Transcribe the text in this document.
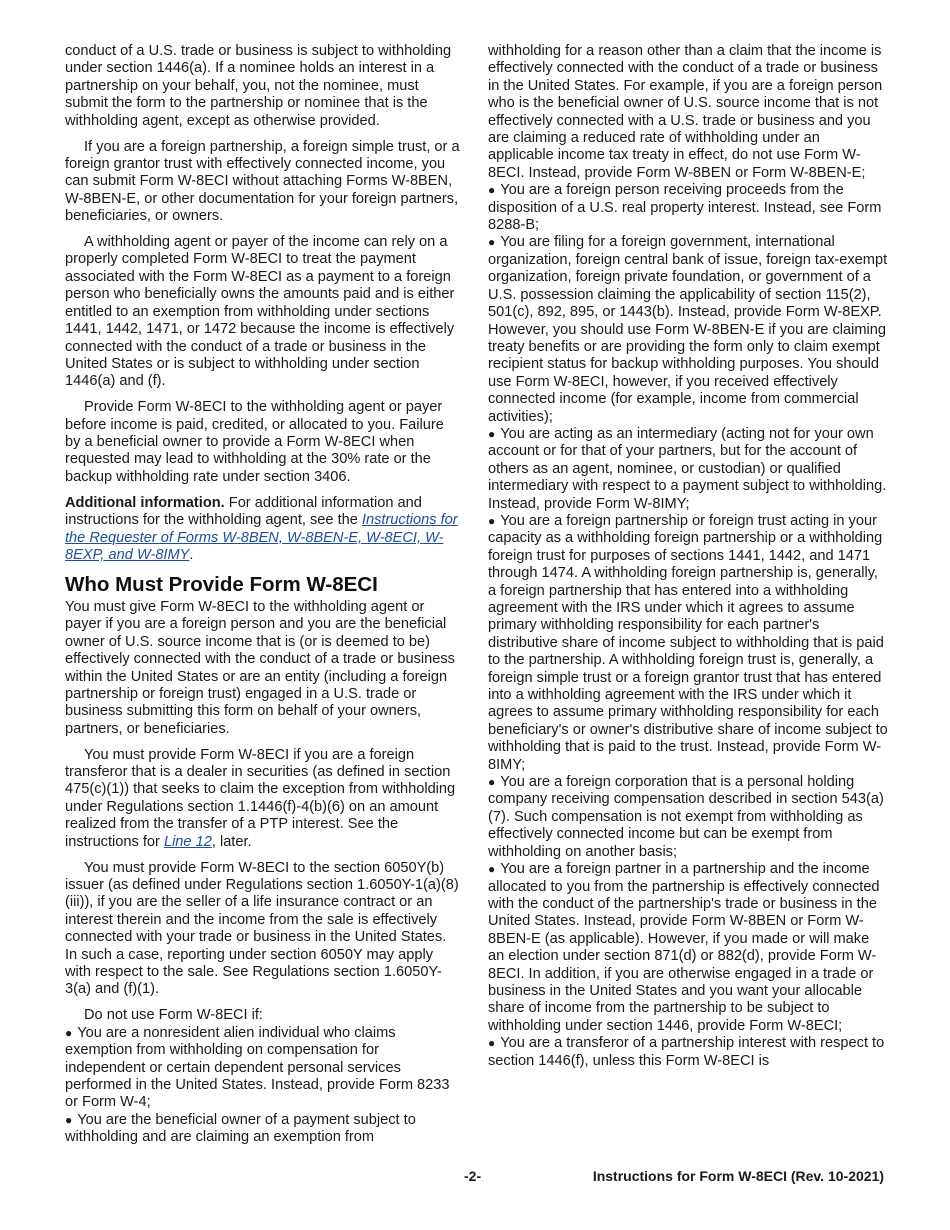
conduct of a U.S. trade or business is subject to withholding under section 1446(a). If a nominee holds an interest in a partnership on your behalf, you, not the nominee, must submit the form to the partnership or nominee that is the withholding agent, except as otherwise provided.

If you are a foreign partnership, a foreign simple trust, or a foreign grantor trust with effectively connected income, you can submit Form W-8ECI without attaching Forms W-8BEN, W-8BEN-E, or other documentation for your foreign partners, beneficiaries, or owners.

A withholding agent or payer of the income can rely on a properly completed Form W-8ECI to treat the payment associated with the Form W-8ECI as a payment to a foreign person who beneficially owns the amounts paid and is either entitled to an exemption from withholding under sections 1441, 1442, 1471, or 1472 because the income is effectively connected with the conduct of a trade or business in the United States or is subject to withholding under section 1446(a) and (f).

Provide Form W-8ECI to the withholding agent or payer before income is paid, credited, or allocated to you. Failure by a beneficial owner to provide a Form W-8ECI when requested may lead to withholding at the 30% rate or the backup withholding rate under section 3406.

Additional information. For additional information and instructions for the withholding agent, see the Instructions for the Requester of Forms W-8BEN, W-8BEN-E, W-8ECI, W-8EXP, and W-8IMY.

Who Must Provide Form W-8ECI

You must give Form W-8ECI to the withholding agent or payer if you are a foreign person and you are the beneficial owner of U.S. source income that is (or is deemed to be) effectively connected with the conduct of a trade or business within the United States or are an entity (including a foreign partnership or foreign trust) engaged in a U.S. trade or business submitting this form on behalf of your owners, partners, or beneficiaries.

You must provide Form W-8ECI if you are a foreign transferor that is a dealer in securities (as defined in section 475(c)(1)) that seeks to claim the exception from withholding under Regulations section 1.1446(f)-4(b)(6) on an amount realized from the transfer of a PTP interest. See the instructions for Line 12, later.

You must provide Form W-8ECI to the section 6050Y(b) issuer (as defined under Regulations section 1.6050Y-1(a)(8)(iii)), if you are the seller of a life insurance contract or an interest therein and the income from the sale is effectively connected with your trade or business in the United States. In such a case, reporting under section 6050Y may apply with respect to the sale. See Regulations section 1.6050Y-3(a) and (f)(1).

Do not use Form W-8ECI if:

● You are a nonresident alien individual who claims exemption from withholding on compensation for independent or certain dependent personal services performed in the United States. Instead, provide Form 8233 or Form W-4;

● You are the beneficial owner of a payment subject to withholding and are claiming an exemption from

withholding for a reason other than a claim that the income is effectively connected with the conduct of a trade or business in the United States. For example, if you are a foreign person who is the beneficial owner of U.S. source income that is not effectively connected with a U.S. trade or business and you are claiming a reduced rate of withholding under an applicable income tax treaty in effect, do not use Form W-8ECI. Instead, provide Form W-8BEN or Form W-8BEN-E;

● You are a foreign person receiving proceeds from the disposition of a U.S. real property interest. Instead, see Form 8288-B;

● You are filing for a foreign government, international organization, foreign central bank of issue, foreign tax-exempt organization, foreign private foundation, or government of a U.S. possession claiming the applicability of section 115(2), 501(c), 892, 895, or 1443(b). Instead, provide Form W-8EXP. However, you should use Form W-8BEN-E if you are claiming treaty benefits or are providing the form only to claim exempt recipient status for backup withholding purposes. You should use Form W-8ECI, however, if you received effectively connected income (for example, income from commercial activities);

● You are acting as an intermediary (acting not for your own account or for that of your partners, but for the account of others as an agent, nominee, or custodian) or qualified intermediary with respect to a payment subject to withholding. Instead, provide Form W-8IMY;

● You are a foreign partnership or foreign trust acting in your capacity as a withholding foreign partnership or a withholding foreign trust for purposes of sections 1441, 1442, and 1471 through 1474. A withholding foreign partnership is, generally, a foreign partnership that has entered into a withholding agreement with the IRS under which it agrees to assume primary withholding responsibility for each partner's distributive share of income subject to withholding that is paid to the partnership. A withholding foreign trust is, generally, a foreign simple trust or a foreign grantor trust that has entered into a withholding agreement with the IRS under which it agrees to assume primary withholding responsibility for each beneficiary's or owner's distributive share of income subject to withholding that is paid to the trust. Instead, provide Form W-8IMY;

● You are a foreign corporation that is a personal holding company receiving compensation described in section 543(a)(7). Such compensation is not exempt from withholding as effectively connected income but can be exempt from withholding on another basis;

● You are a foreign partner in a partnership and the income allocated to you from the partnership is effectively connected with the conduct of the partnership's trade or business in the United States. Instead, provide Form W-8BEN or Form W-8BEN-E (as applicable). However, if you made or will make an election under section 871(d) or 882(d), provide Form W-8ECI. In addition, if you are otherwise engaged in a trade or business in the United States and you want your allocable share of income from the partnership to be subject to withholding under section 1446, provide Form W-8ECI;

● You are a transferor of a partnership interest with respect to section 1446(f), unless this Form W-8ECI is

-2-	Instructions for Form W-8ECI (Rev. 10-2021)
